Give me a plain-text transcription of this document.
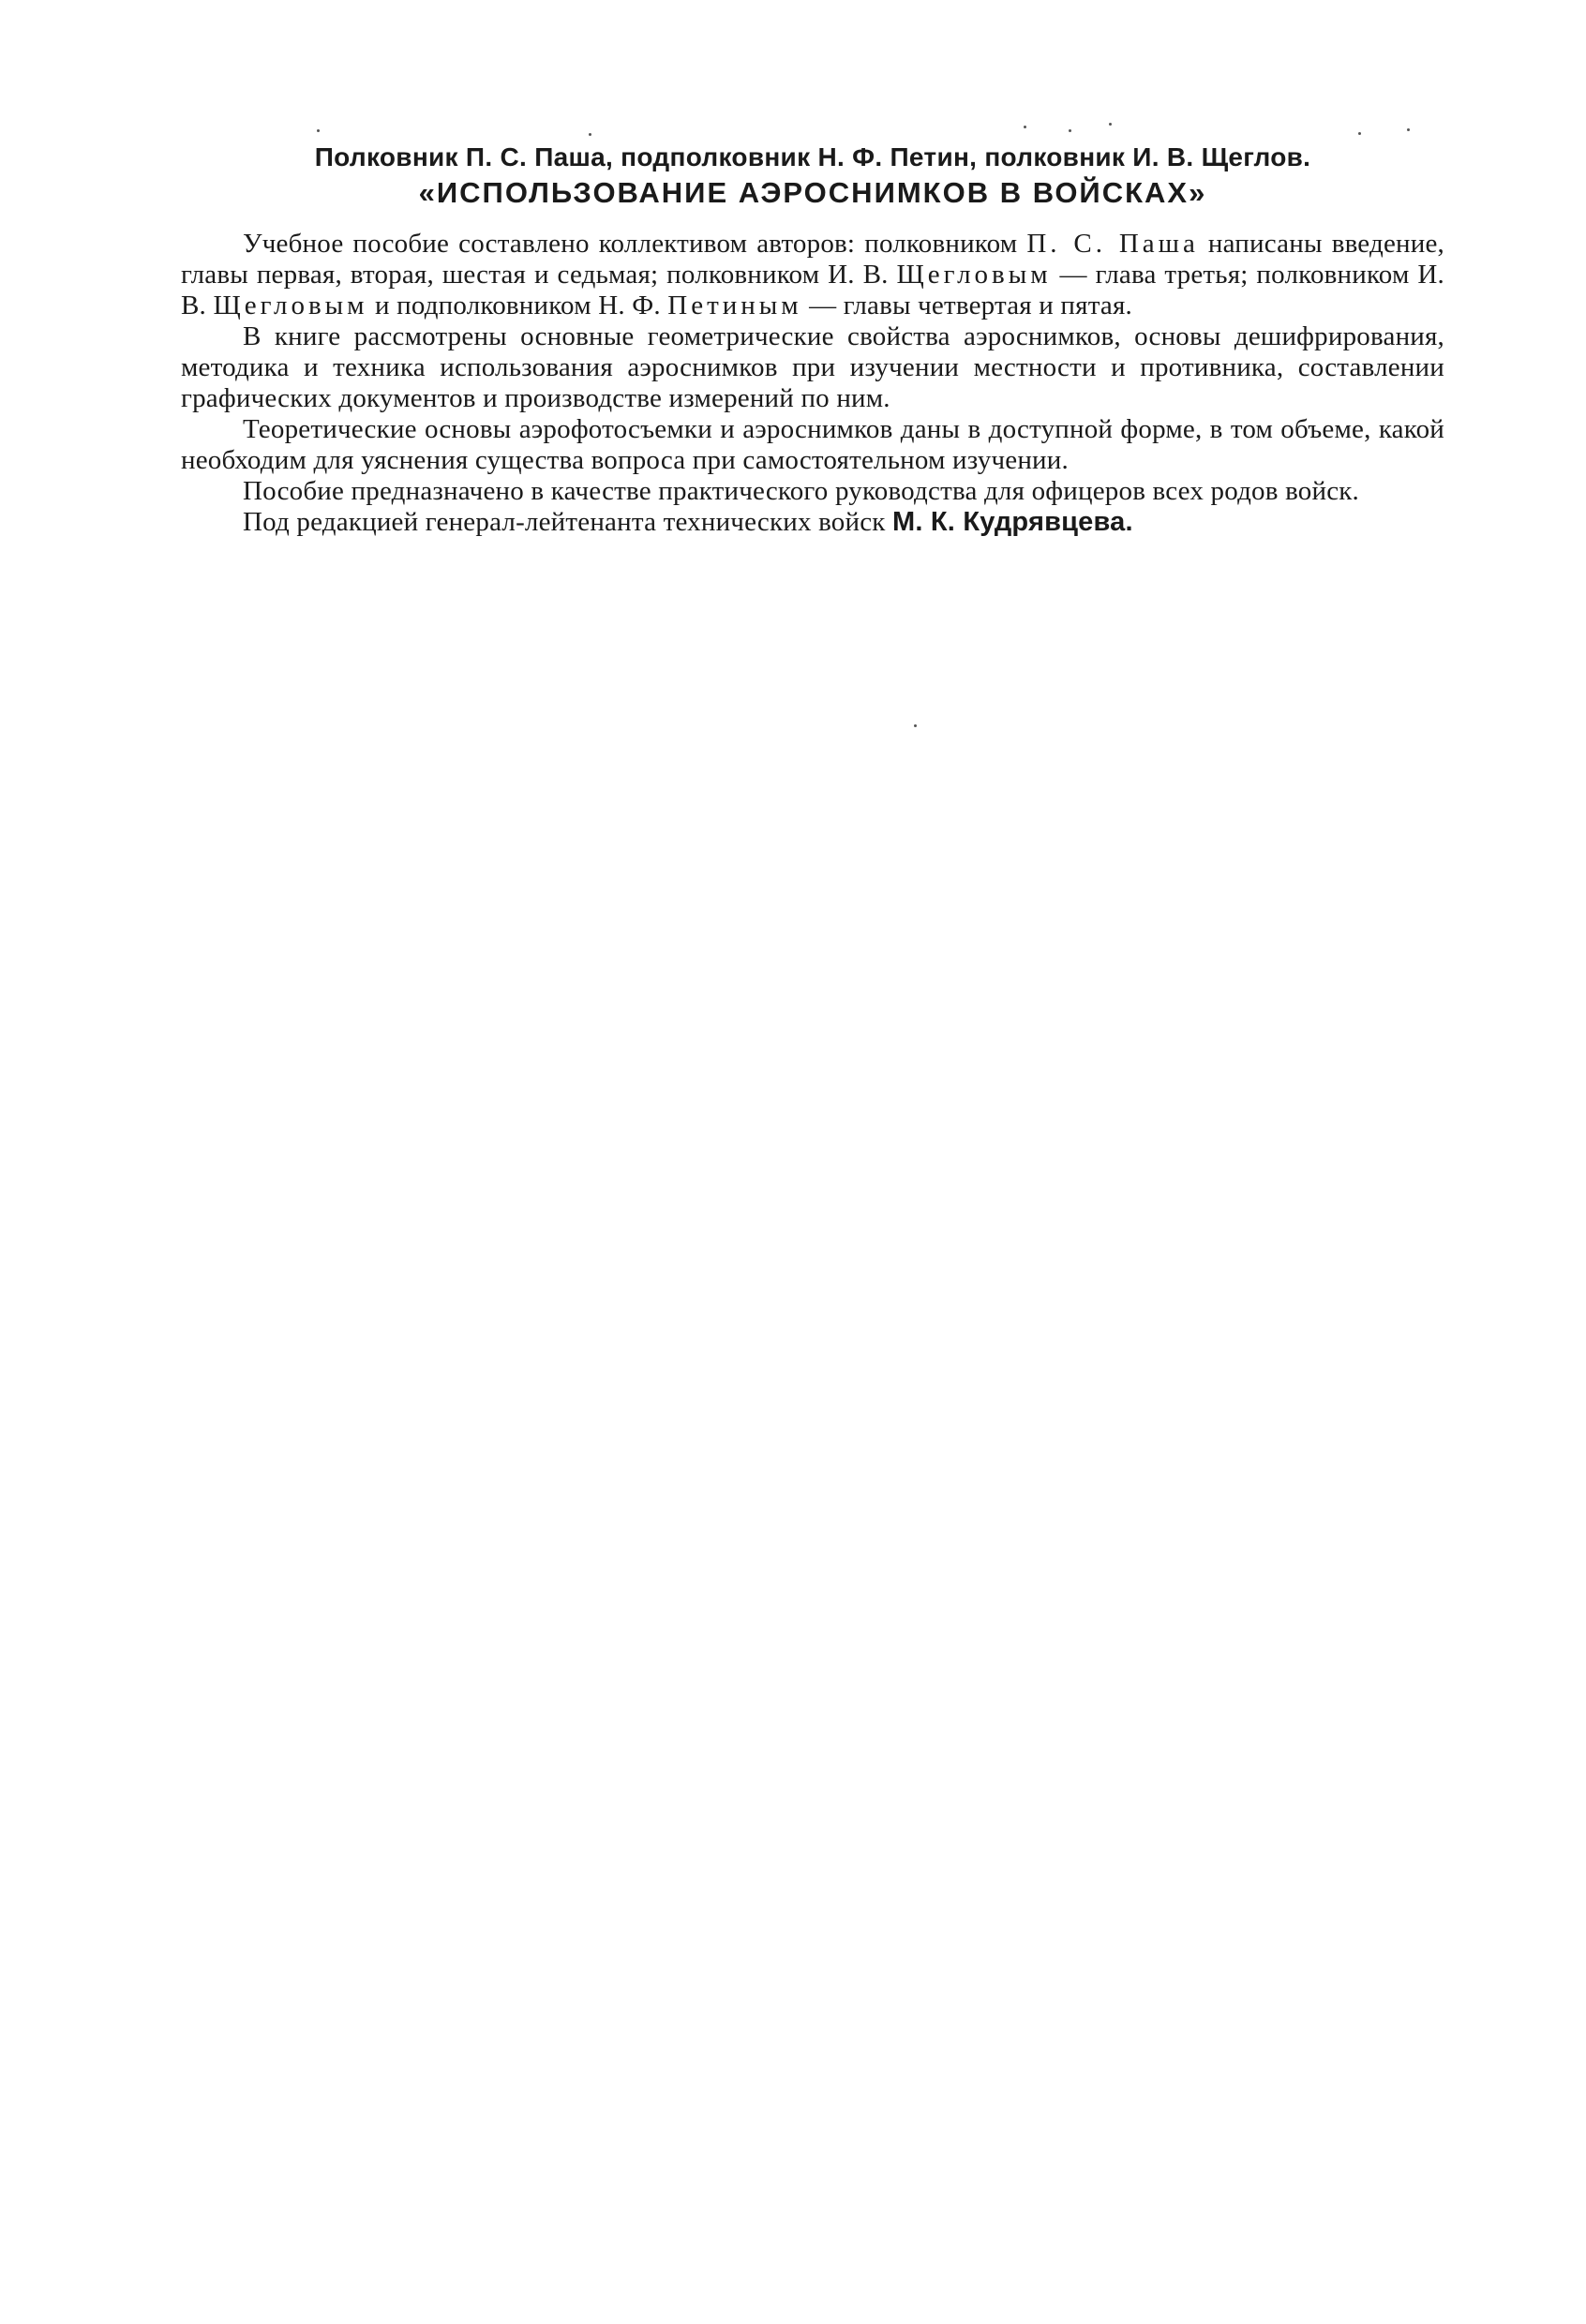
Полковник П. С. Паша, подполковник Н. Ф. Петин, полковник И. В. Щеглов.
«ИСПОЛЬЗОВАНИЕ АЭРОСНИМКОВ В ВОЙСКАХ»

Учебное пособие составлено коллективом авторов: полковником П. С. Паша написаны введение, главы первая, вторая, шестая и седьмая; полковником И. В. Щегловым — глава третья; полковником И. В. Щегловым и подполковником Н. Ф. Петиным — главы четвертая и пятая.

В книге рассмотрены основные геометрические свойства аэроснимков, основы дешифрирования, методика и техника использования аэроснимков при изучении местности и противника, составлении графических документов и производстве измерений по ним.

Теоретические основы аэрофотосъемки и аэроснимков даны в доступной форме, в том объеме, какой необходим для уяснения существа вопроса при самостоятельном изучении.

Пособие предназначено в качестве практического руководства для офицеров всех родов войск.

Под редакцией генерал-лейтенанта технических войск М. К. Кудрявцева.
